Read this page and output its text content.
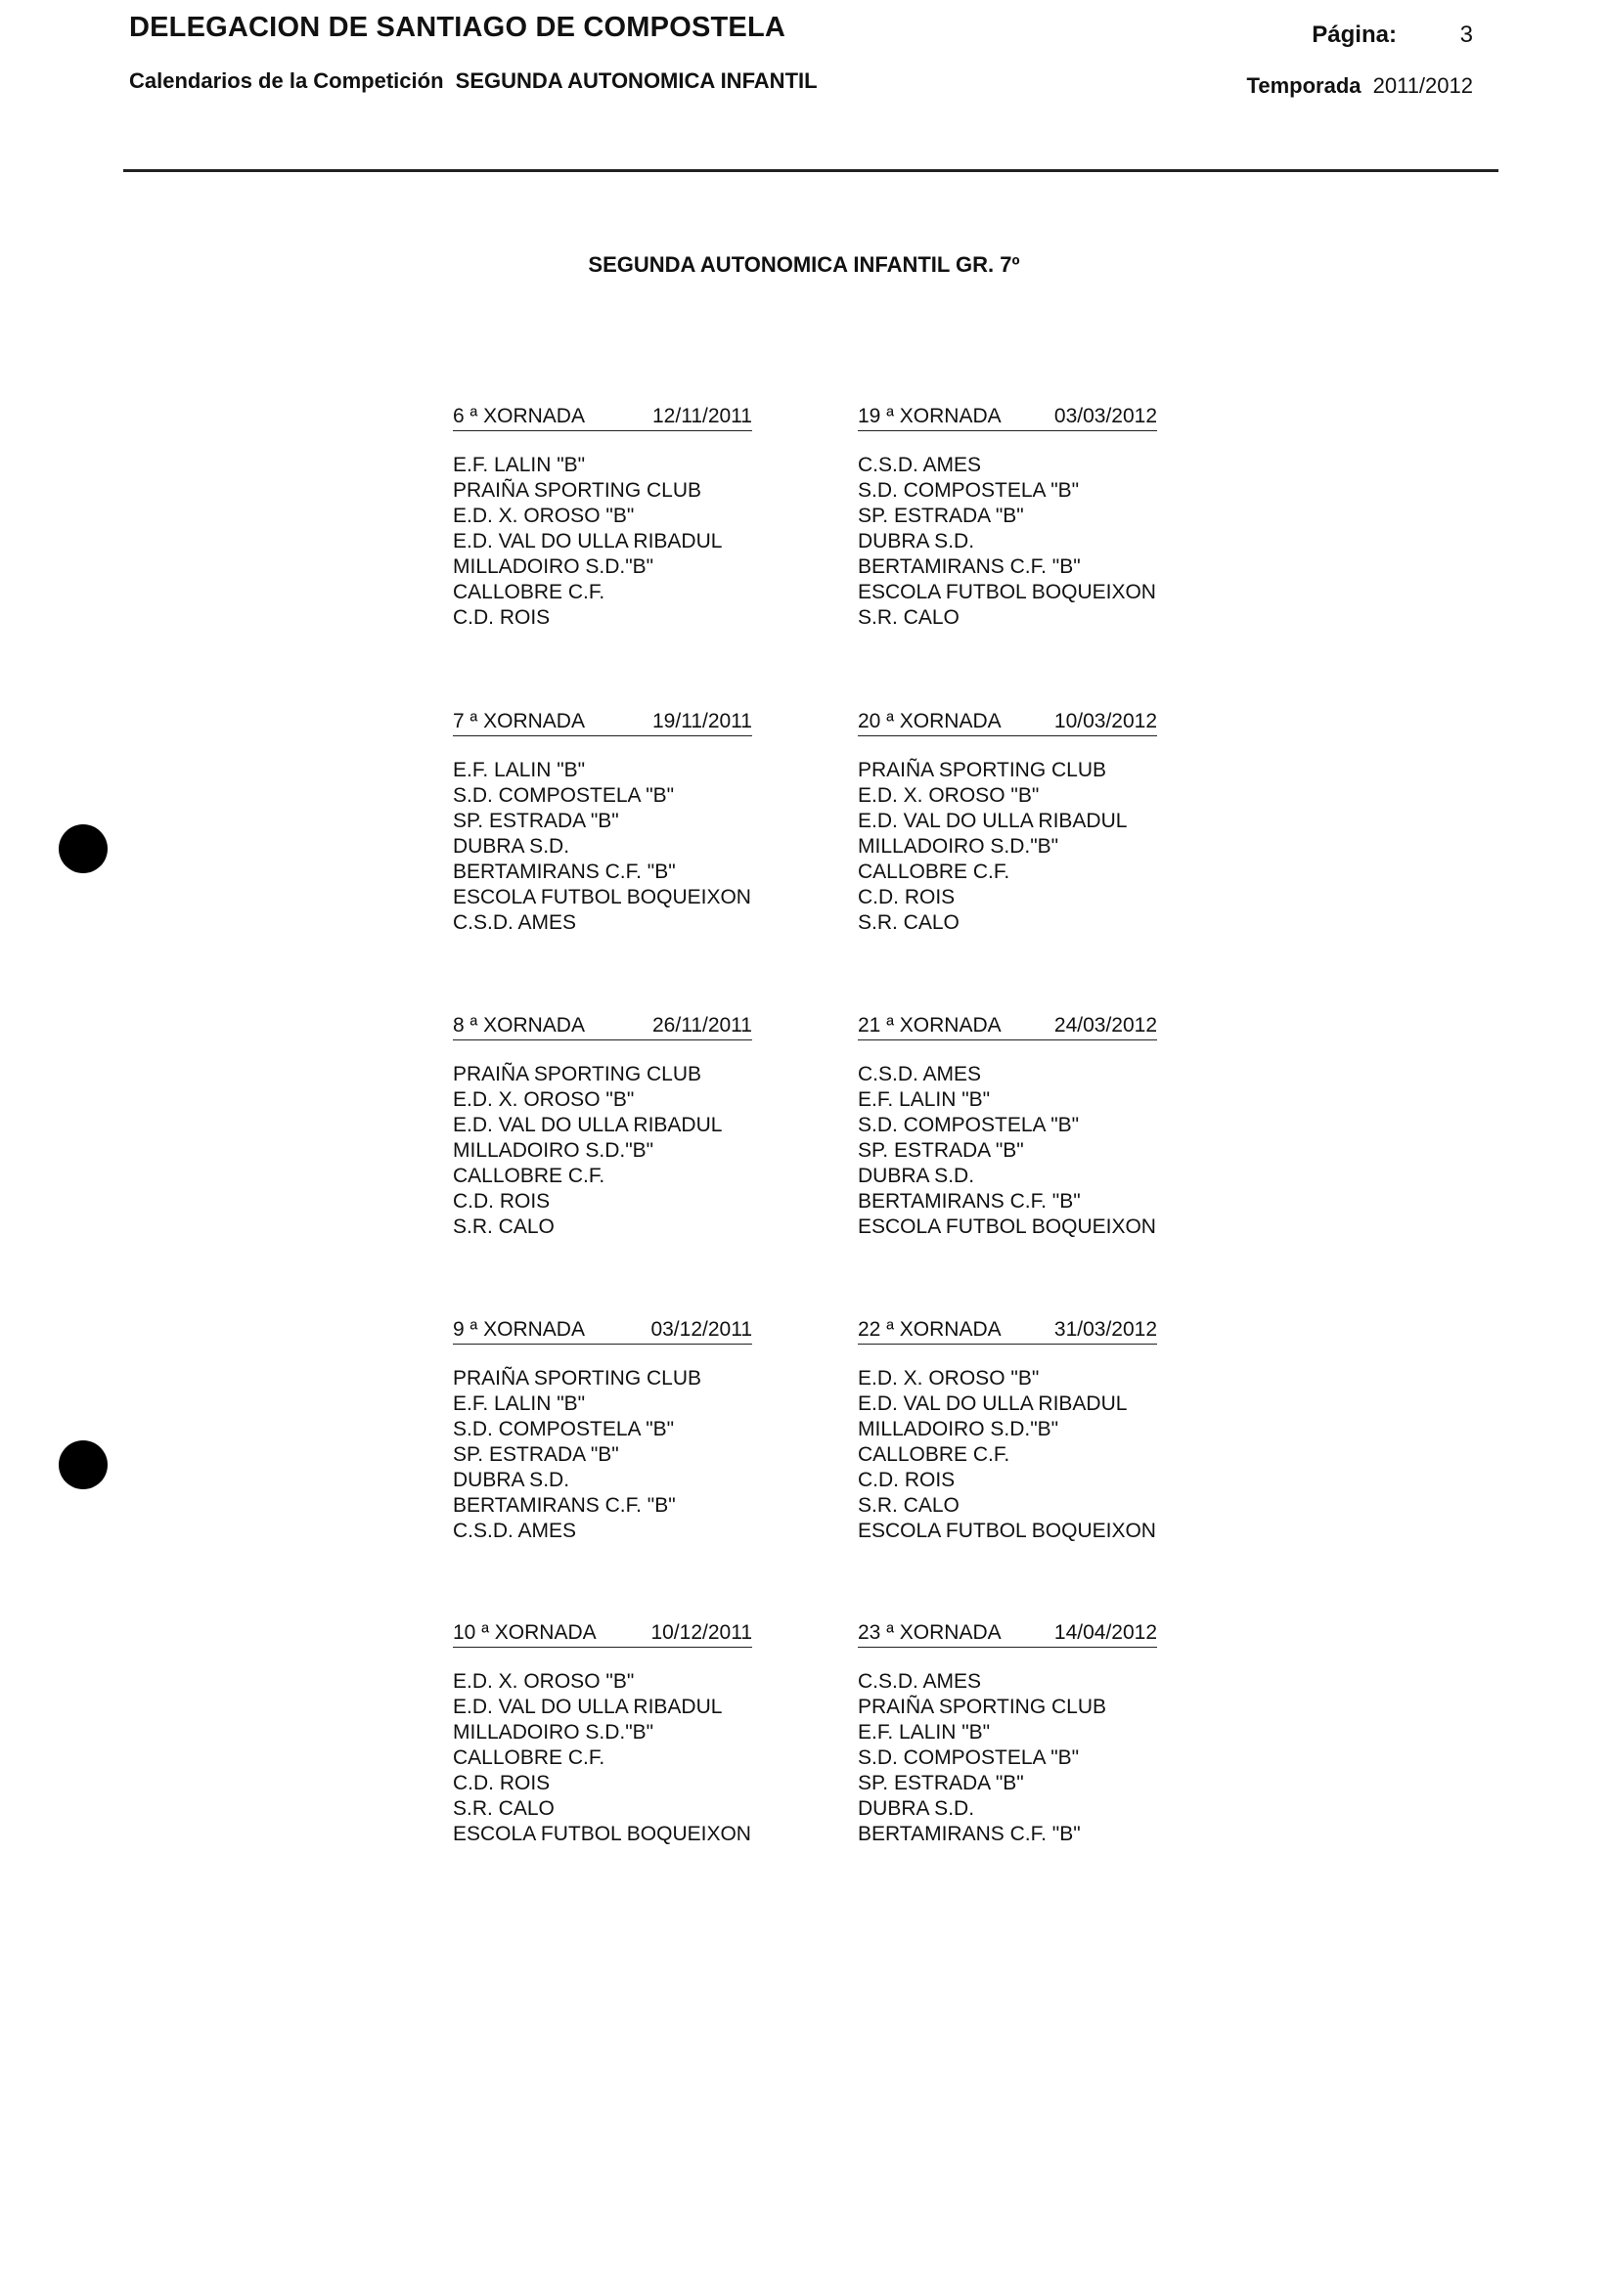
DELEGACION DE SANTIAGO DE COMPOSTELA
Calendarios de la Competición SEGUNDA AUTONOMICA INFANTIL
Página:	3
Temporada 2011/2012
SEGUNDA AUTONOMICA INFANTIL GR. 7º
6 ª XORNADA	12/11/2011
E.F. LALIN "B"
PRAIÑA SPORTING CLUB
E.D. X. OROSO "B"
E.D. VAL DO ULLA RIBADUL
MILLADOIRO S.D."B"
CALLOBRE C.F.
C.D. ROIS
19 ª XORNADA	03/03/2012
C.S.D. AMES
S.D. COMPOSTELA "B"
SP. ESTRADA "B"
DUBRA S.D.
BERTAMIRANS C.F. "B"
ESCOLA FUTBOL BOQUEIXON
S.R. CALO
7 ª XORNADA	19/11/2011
E.F. LALIN "B"
S.D. COMPOSTELA "B"
SP. ESTRADA "B"
DUBRA S.D.
BERTAMIRANS C.F. "B"
ESCOLA FUTBOL BOQUEIXON
C.S.D. AMES
20 ª XORNADA	10/03/2012
PRAIÑA SPORTING CLUB
E.D. X. OROSO "B"
E.D. VAL DO ULLA RIBADUL
MILLADOIRO S.D."B"
CALLOBRE C.F.
C.D. ROIS
S.R. CALO
8 ª XORNADA	26/11/2011
PRAIÑA SPORTING CLUB
E.D. X. OROSO "B"
E.D. VAL DO ULLA RIBADUL
MILLADOIRO S.D."B"
CALLOBRE C.F.
C.D. ROIS
S.R. CALO
21 ª XORNADA	24/03/2012
C.S.D. AMES
E.F. LALIN "B"
S.D. COMPOSTELA "B"
SP. ESTRADA "B"
DUBRA S.D.
BERTAMIRANS C.F. "B"
ESCOLA FUTBOL BOQUEIXON
9 ª XORNADA	03/12/2011
PRAIÑA SPORTING CLUB
E.F. LALIN "B"
S.D. COMPOSTELA "B"
SP. ESTRADA "B"
DUBRA S.D.
BERTAMIRANS C.F. "B"
C.S.D. AMES
22 ª XORNADA	31/03/2012
E.D. X. OROSO "B"
E.D. VAL DO ULLA RIBADUL
MILLADOIRO S.D."B"
CALLOBRE C.F.
C.D. ROIS
S.R. CALO
ESCOLA FUTBOL BOQUEIXON
10 ª XORNADA	10/12/2011
E.D. X. OROSO "B"
E.D. VAL DO ULLA RIBADUL
MILLADOIRO S.D."B"
CALLOBRE C.F.
C.D. ROIS
S.R. CALO
ESCOLA FUTBOL BOQUEIXON
23 ª XORNADA	14/04/2012
C.S.D. AMES
PRAIÑA SPORTING CLUB
E.F. LALIN "B"
S.D. COMPOSTELA "B"
SP. ESTRADA "B"
DUBRA S.D.
BERTAMIRANS C.F. "B"
